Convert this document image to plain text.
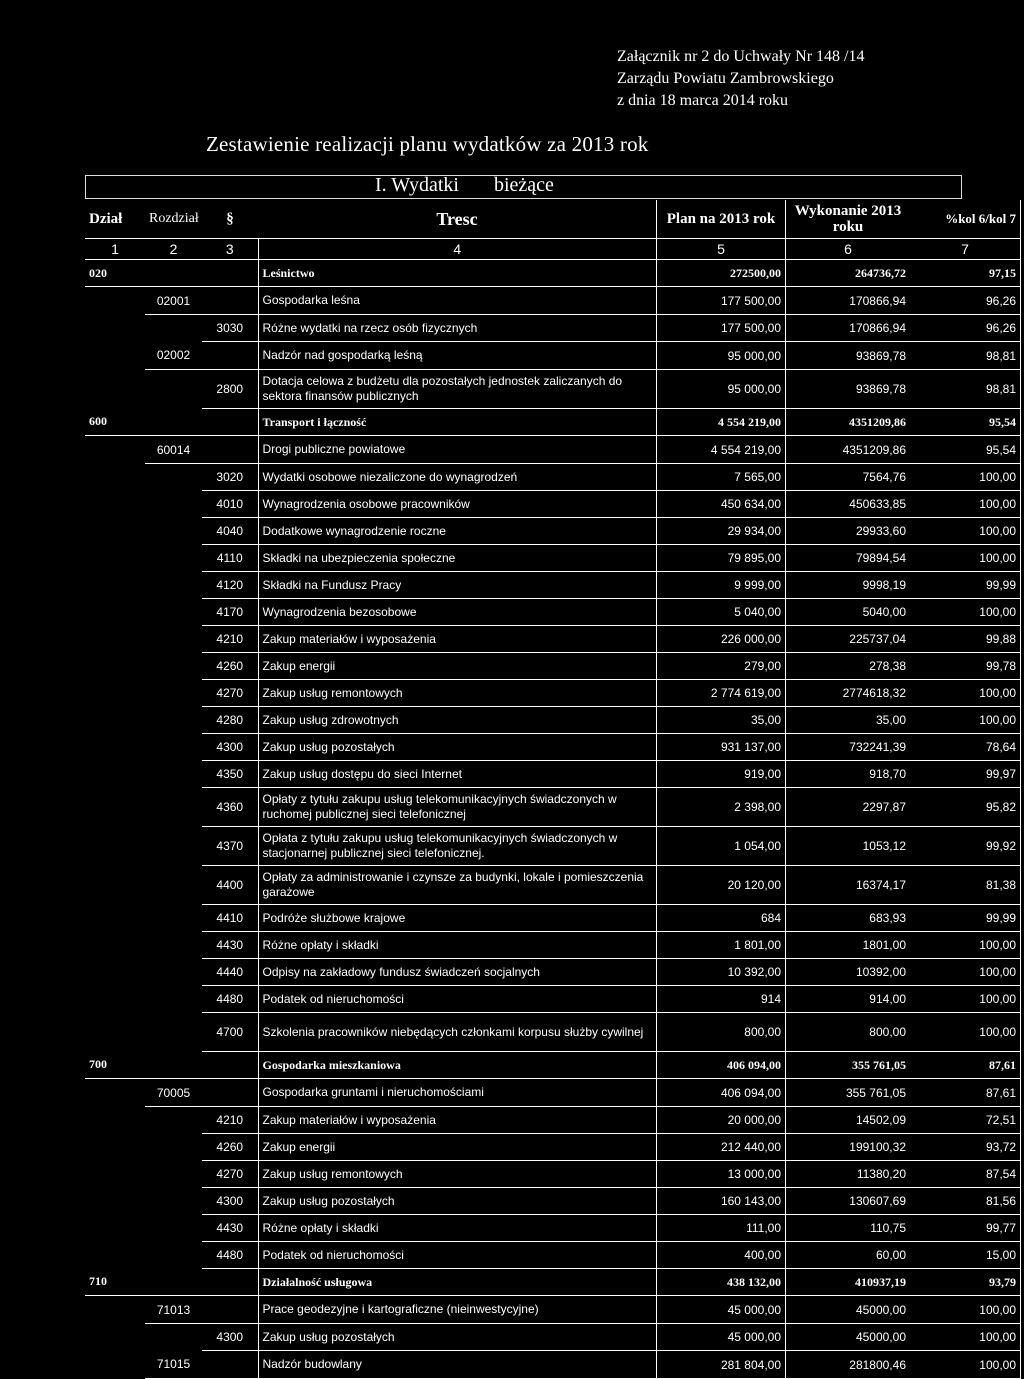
Załącznik nr 2 do Uchwały Nr 148 /14
Zarządu Powiatu Zambrowskiego
z dnia 18 marca 2014 roku
Zestawienie realizacji planu wydatków za 2013 rok
I. Wydatki       bieżące
Dział	Rozdział	§	Tresc	Plan na 2013 rok	Wykonanie 2013 roku	%kol 6/kol 7
1	2	3	4	5	6	7
020			Leśnictwo	272500,00	264736,72	97,15
	02001		Gospodarka leśna	177 500,00	170866,94	96,26
		3030	Różne wydatki na rzecz osób fizycznych	177 500,00	170866,94	96,26
	02002		Nadzór nad gospodarką leśną	95 000,00	93869,78	98,81
		2800	Dotacja celowa z budżetu dla pozostałych jednostek zaliczanych do sektora finansów publicznych	95 000,00	93869,78	98,81
600			Transport i łączność	4 554 219,00	4351209,86	95,54
	60014		Drogi publiczne powiatowe	4 554 219,00	4351209,86	95,54
		3020	Wydatki osobowe niezaliczone do wynagrodzeń	7 565,00	7564,76	100,00
		4010	Wynagrodzenia osobowe pracowników	450 634,00	450633,85	100,00
		4040	Dodatkowe wynagrodzenie roczne	29 934,00	29933,60	100,00
		4110	Składki na ubezpieczenia społeczne	79 895,00	79894,54	100,00
		4120	Składki na Fundusz Pracy	9 999,00	9998,19	99,99
		4170	Wynagrodzenia bezosobowe	5 040,00	5040,00	100,00
		4210	Zakup materiałów i wyposażenia	226 000,00	225737,04	99,88
		4260	Zakup energii	279,00	278,38	99,78
		4270	Zakup usług remontowych	2 774 619,00	2774618,32	100,00
		4280	Zakup usług zdrowotnych	35,00	35,00	100,00
		4300	Zakup usług pozostałych	931 137,00	732241,39	78,64
		4350	Zakup usług dostępu do sieci Internet	919,00	918,70	99,97
		4360	Opłaty z tytułu zakupu usług telekomunikacyjnych świadczonych w ruchomej publicznej sieci telefonicznej	2 398,00	2297,87	95,82
		4370	Opłata z tytułu zakupu usług telekomunikacyjnych świadczonych w stacjonarnej publicznej sieci telefonicznej.	1 054,00	1053,12	99,92
		4400	Opłaty za administrowanie i czynsze za budynki, lokale i pomieszczenia garażowe	20 120,00	16374,17	81,38
		4410	Podróże służbowe krajowe	684	683,93	99,99
		4430	Różne opłaty i składki	1 801,00	1801,00	100,00
		4440	Odpisy na zakładowy fundusz świadczeń socjalnych	10 392,00	10392,00	100,00
		4480	Podatek od nieruchomości	914	914,00	100,00
		4700	Szkolenia pracowników niebędących członkami korpusu służby cywilnej	800,00	800,00	100,00
700			Gospodarka mieszkaniowa	406 094,00	355 761,05	87,61
	70005		Gospodarka gruntami i nieruchomościami	406 094,00	355 761,05	87,61
		4210	Zakup materiałów i wyposażenia	20 000,00	14502,09	72,51
		4260	Zakup energii	212 440,00	199100,32	93,72
		4270	Zakup usług remontowych	13 000,00	11380,20	87,54
		4300	Zakup usług pozostałych	160 143,00	130607,69	81,56
		4430	Różne opłaty i składki	111,00	110,75	99,77
		4480	Podatek od nieruchomości	400,00	60,00	15,00
710			Działalność usługowa	438 132,00	410937,19	93,79
	71013		Prace geodezyjne i kartograficzne (nieinwestycyjne)	45 000,00	45000,00	100,00
		4300	Zakup usług pozostałych	45 000,00	45000,00	100,00
	71015		Nadzór budowlany	281 804,00	281800,46	100,00
